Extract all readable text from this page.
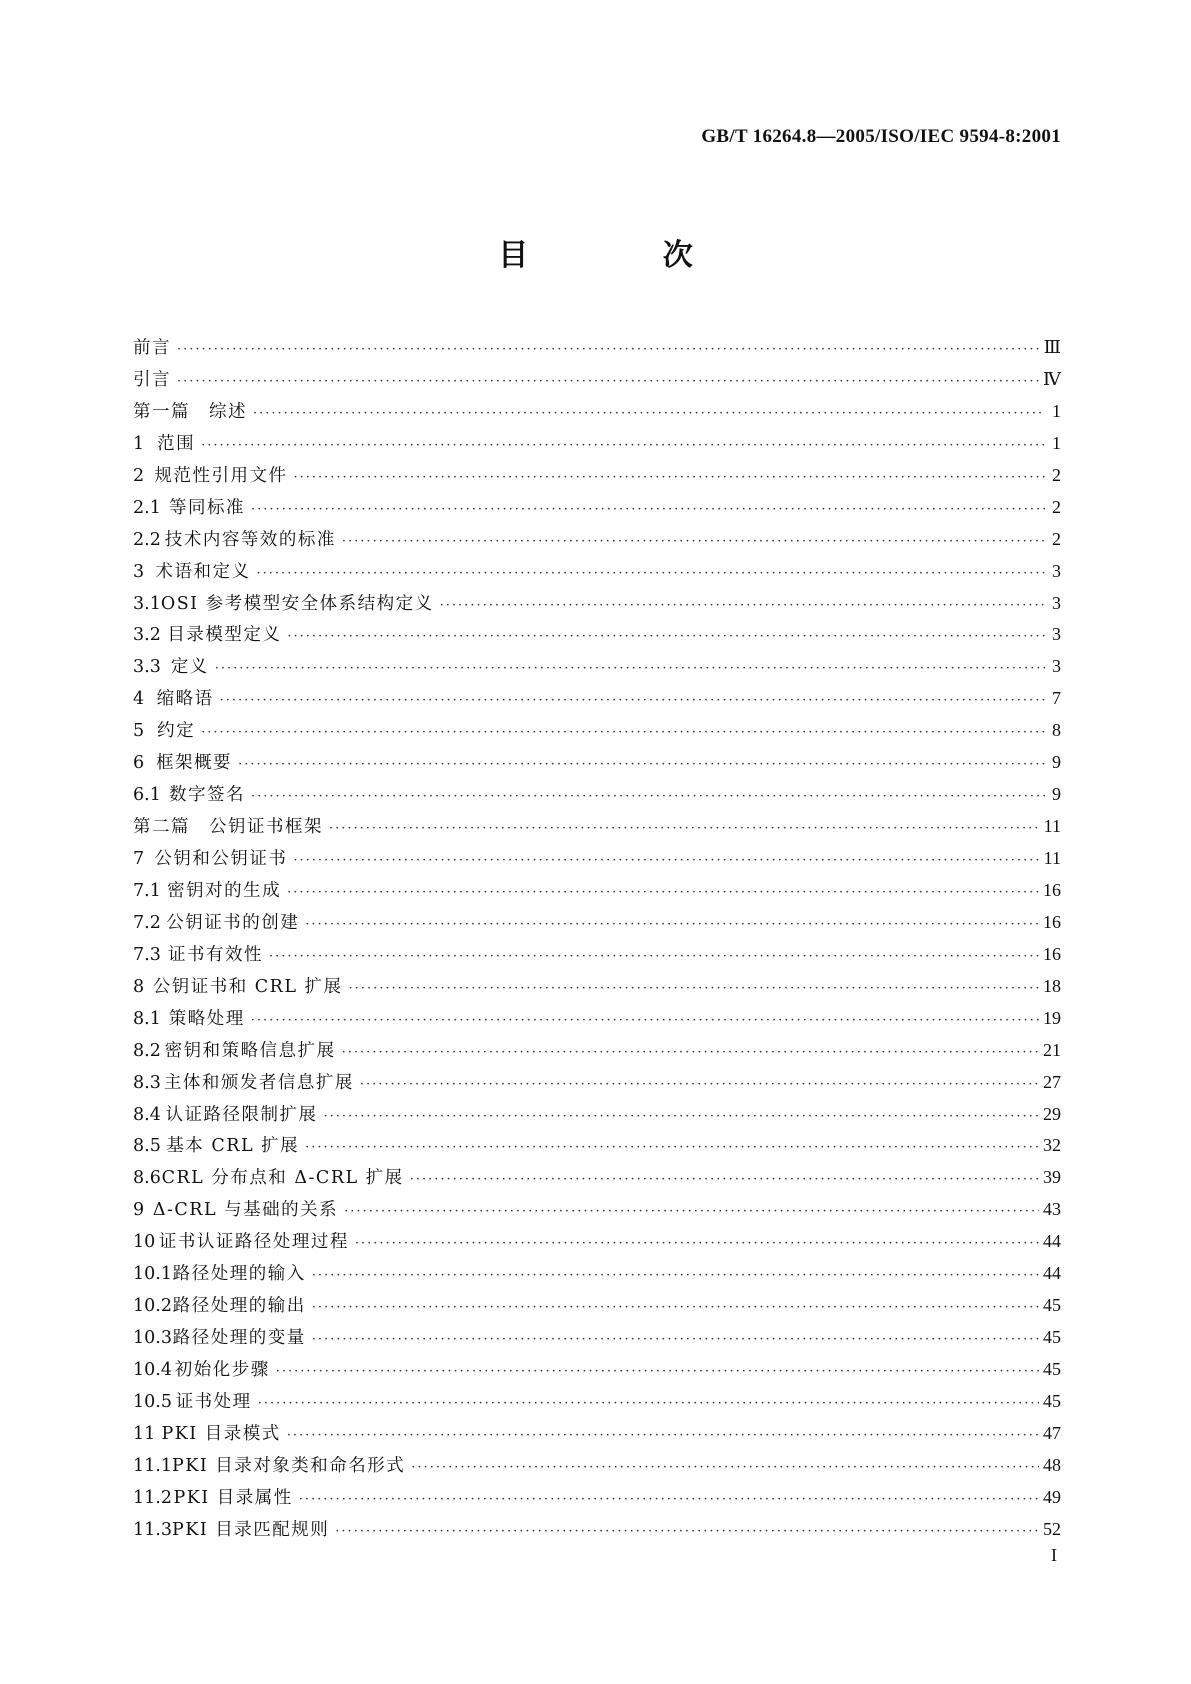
GB/T 16264.8—2005/ISO/IEC 9594-8:2001
目 次
前言 ·····	Ⅲ
引言 ·····	Ⅳ
第一篇　综述 ·····	1
1 范围 ·····	1
2 规范性引用文件 ·····	2
2.1 等同标准 ·····	2
2.2 技术内容等效的标准 ·····	2
3 术语和定义 ·····	3
3.1 OSI 参考模型安全体系结构定义 ·····	3
3.2 目录模型定义 ·····	3
3.3 定义 ·····	3
4 缩略语 ·····	7
5 约定 ·····	8
6 框架概要 ·····	9
6.1 数字签名 ·····	9
第二篇　公钥证书框架 ·····	11
7 公钥和公钥证书 ·····	11
7.1 密钥对的生成 ·····	16
7.2 公钥证书的创建 ·····	16
7.3 证书有效性 ·····	16
8 公钥证书和 CRL 扩展 ·····	18
8.1 策略处理 ·····	19
8.2 密钥和策略信息扩展 ·····	21
8.3 主体和颁发者信息扩展 ·····	27
8.4 认证路径限制扩展 ·····	29
8.5 基本 CRL 扩展 ·····	32
8.6 CRL 分布点和 Δ-CRL 扩展 ·····	39
9 Δ-CRL 与基础的关系 ·····	43
10 证书认证路径处理过程 ·····	44
10.1 路径处理的输入 ·····	44
10.2 路径处理的输出 ·····	45
10.3 路径处理的变量 ·····	45
10.4 初始化步骤 ·····	45
10.5 证书处理 ·····	45
11 PKI 目录模式 ·····	47
11.1 PKI 目录对象类和命名形式 ·····	48
11.2 PKI 目录属性 ·····	49
11.3 PKI 目录匹配规则 ·····	52
I
